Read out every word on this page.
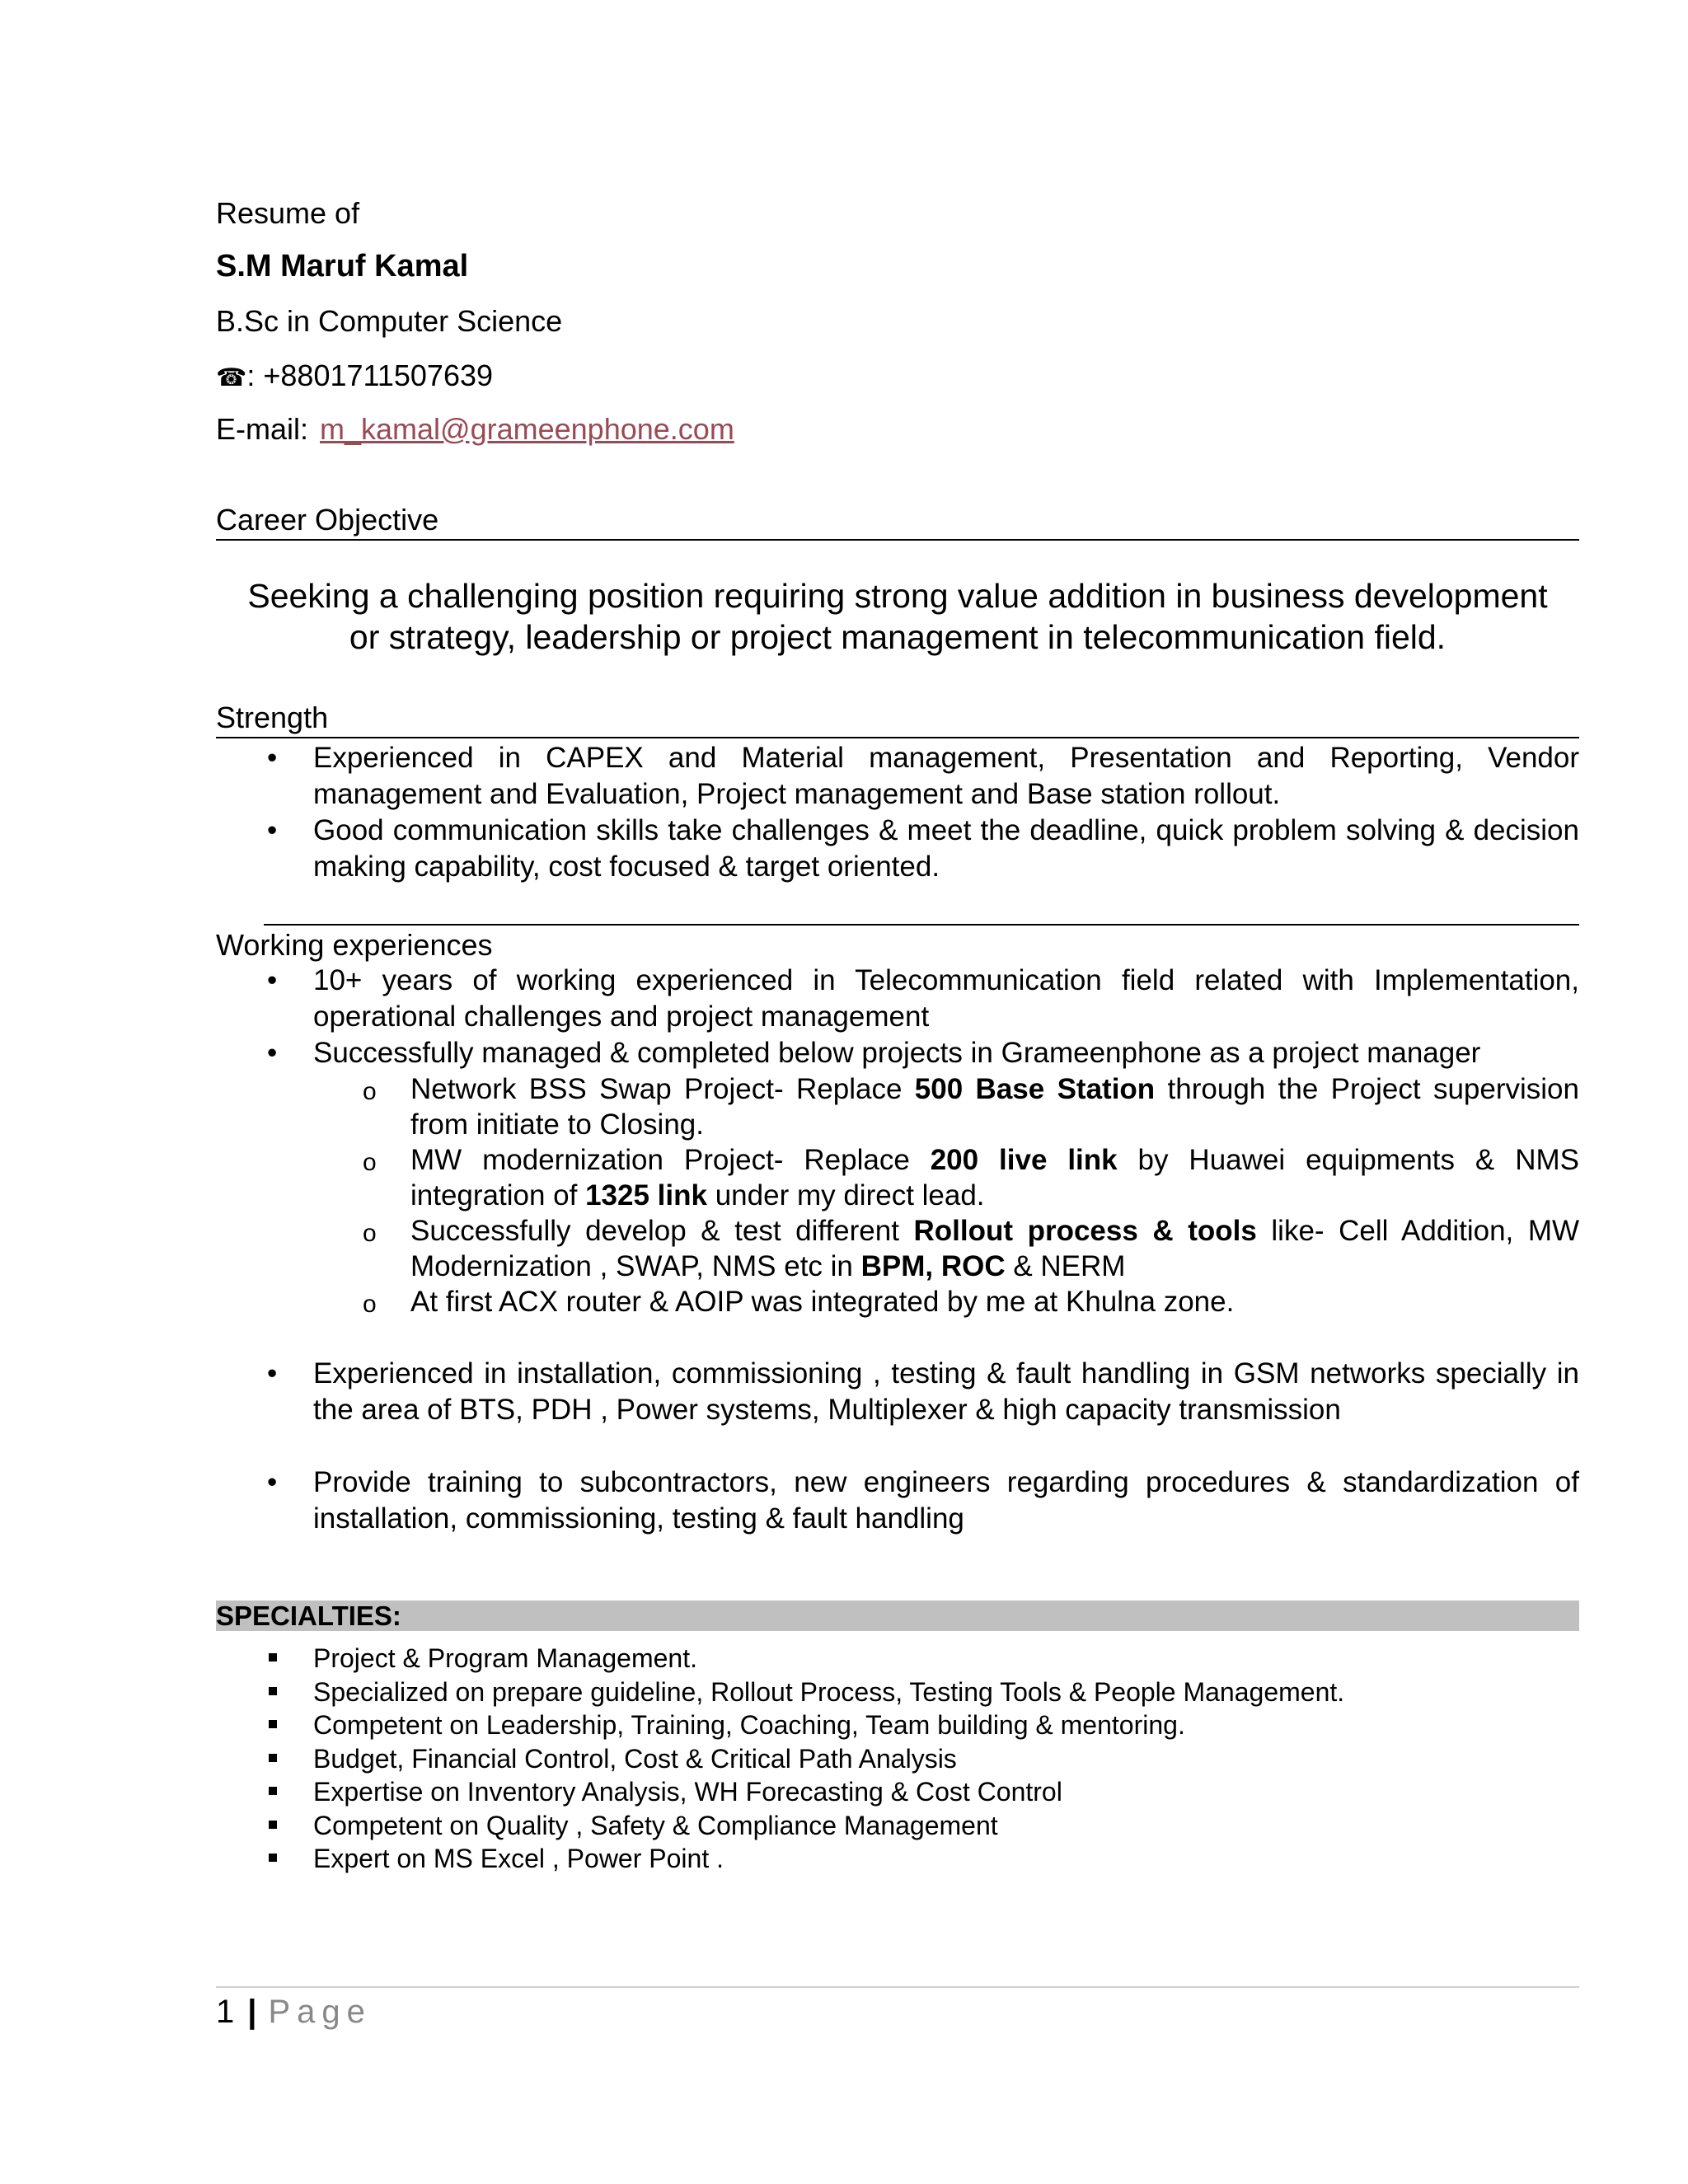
Resume of
S.M Maruf Kamal
B.Sc in Computer Science
☎: +8801711507639
E-mail: m_kamal@grameenphone.com
Career Objective
Seeking a challenging position requiring strong value addition in business development
or strategy, leadership or project management in telecommunication field.
Strength
• Experienced in CAPEX and Material management, Presentation and Reporting, Vendor management and Evaluation, Project management and Base station rollout.
• Good communication skills take challenges & meet the deadline, quick problem solving & decision making capability, cost focused & target oriented.
Working experiences
• 10+ years of working experienced in Telecommunication field related with Implementation, operational challenges and project management
• Successfully managed & completed below projects in Grameenphone as a project manager
o Network BSS Swap Project- Replace 500 Base Station through the Project supervision from initiate to Closing.
o MW modernization Project- Replace 200 live link by Huawei equipments & NMS integration of 1325 link under my direct lead.
o Successfully develop & test different Rollout process & tools like- Cell Addition, MW Modernization , SWAP, NMS etc in BPM, ROC & NERM
o At first ACX router & AOIP was integrated by me at Khulna zone.
• Experienced in installation, commissioning , testing & fault handling in GSM networks specially in the area of BTS, PDH , Power systems, Multiplexer & high capacity transmission
• Provide training to subcontractors, new engineers regarding procedures & standardization of installation, commissioning, testing & fault handling
SPECIALTIES:
Project & Program Management.
Specialized on prepare guideline, Rollout Process, Testing Tools & People Management.
Competent on Leadership, Training, Coaching, Team building & mentoring.
Budget, Financial Control, Cost & Critical Path Analysis
Expertise on Inventory Analysis, WH Forecasting & Cost Control
Competent on Quality , Safety & Compliance Management
Expert on MS Excel , Power Point .
1 | Page
